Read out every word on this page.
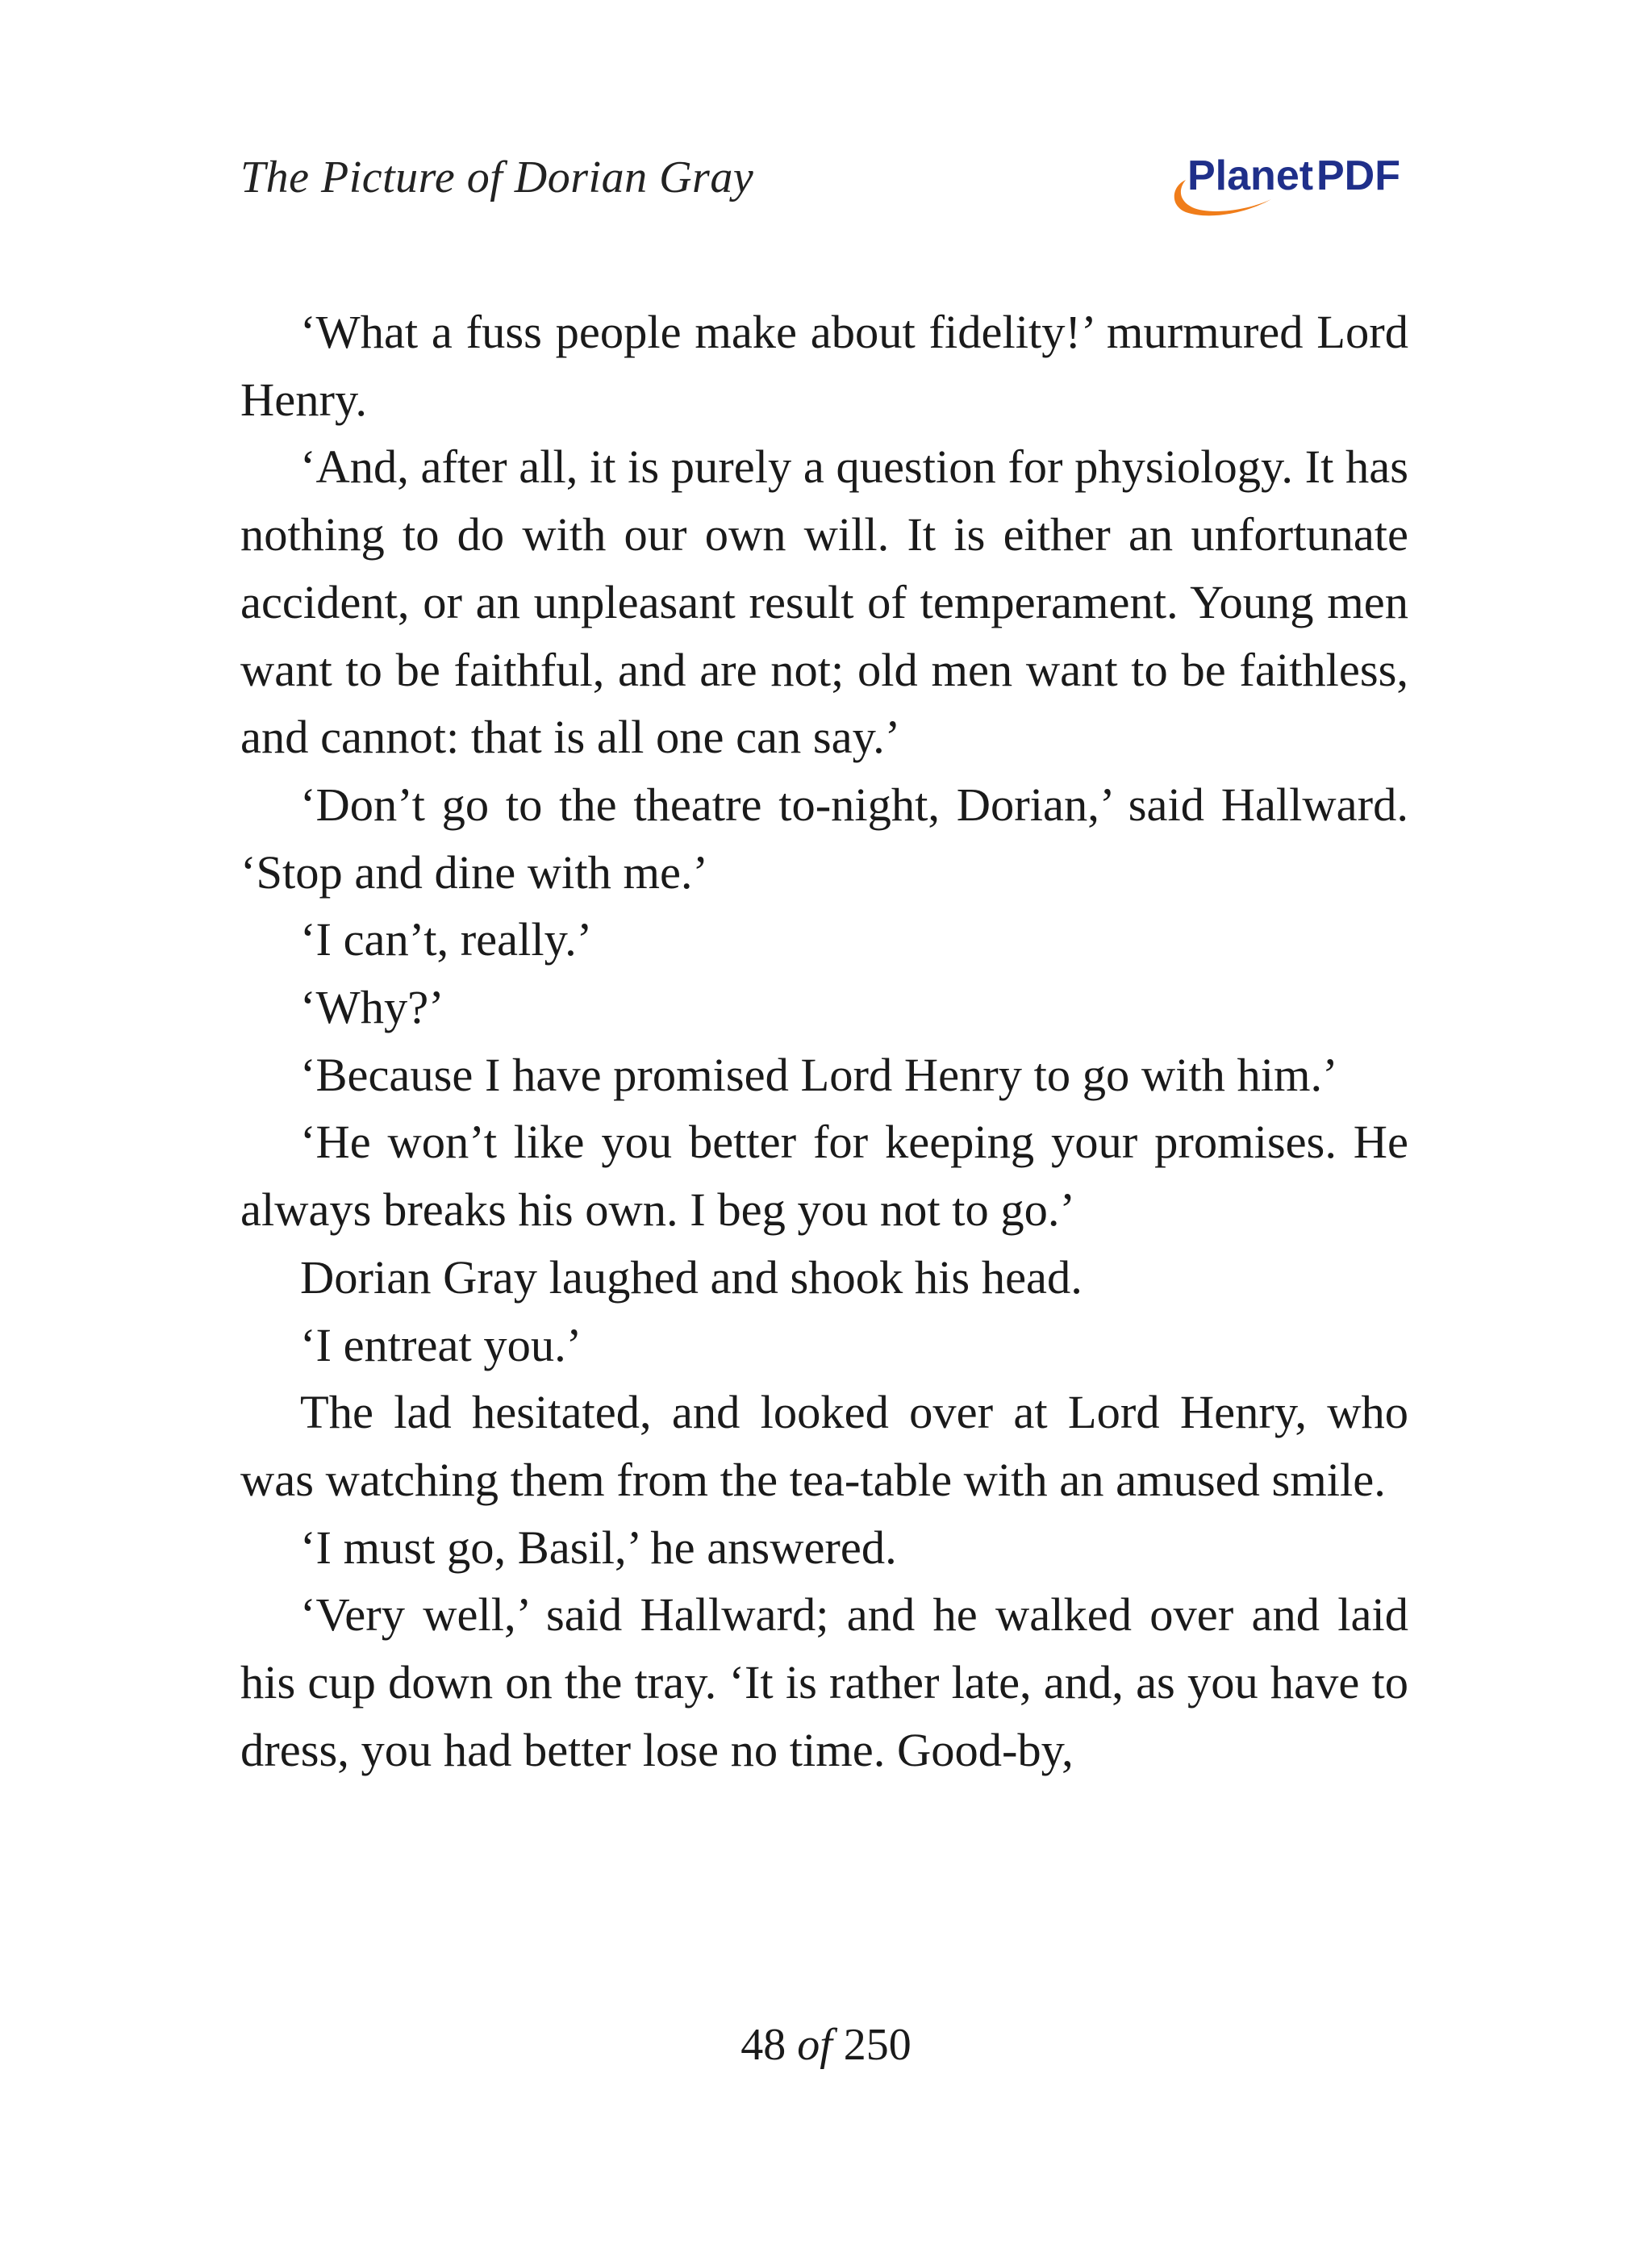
The Picture of Dorian Gray	Planet PDF

‘What a fuss people make about fidelity!’ murmured Lord Henry.

‘And, after all, it is purely a question for physiology. It has nothing to do with our own will. It is either an unfortunate accident, or an unpleasant result of temperament. Young men want to be faithful, and are not; old men want to be faithless, and cannot: that is all one can say.’

‘Don’t go to the theatre to-night, Dorian,’ said Hallward. ‘Stop and dine with me.’

‘I can’t, really.’

‘Why?’

‘Because I have promised Lord Henry to go with him.’

‘He won’t like you better for keeping your promises. He always breaks his own. I beg you not to go.’

Dorian Gray laughed and shook his head.

‘I entreat you.’

The lad hesitated, and looked over at Lord Henry, who was watching them from the tea-table with an amused smile.

‘I must go, Basil,’ he answered.

‘Very well,’ said Hallward; and he walked over and laid his cup down on the tray. ‘It is rather late, and, as you have to dress, you had better lose no time. Good-by,

48 of 250
